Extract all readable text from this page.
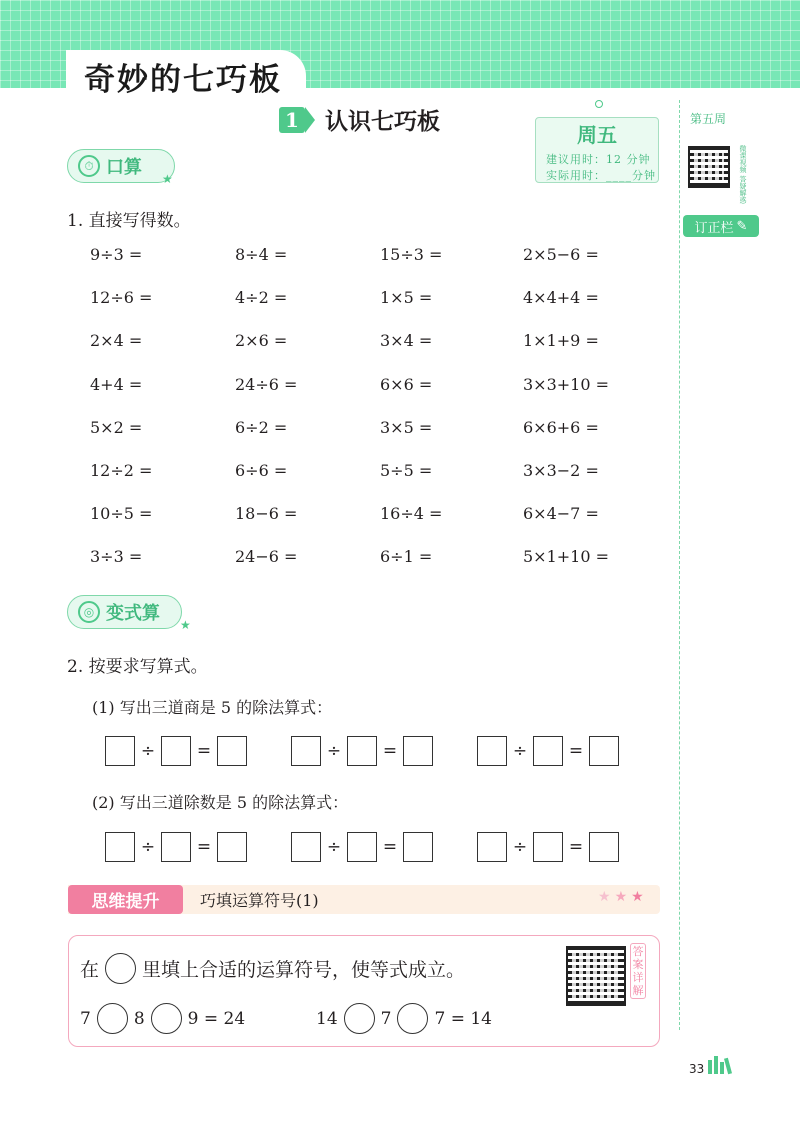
奇妙的七巧板
1 认识七巧板	周五
建议用时：12 分钟
实际用时：____分钟
第五周
微课视频 答疑解惑
订正栏 ✎
⏱ 口算
★
1. 直接写得数。
9÷3 =	8÷4 =	15÷3 =	2×5−6 =
12÷6 =	4÷2 =	1×5 =	4×4+4 =
2×4 =	2×6 =	3×4 =	1×1+9 =
4+4 =	24÷6 =	6×6 =	3×3+10 =
5×2 =	6÷2 =	3×5 =	6×6+6 =
12÷2 =	6÷6 =	5÷5 =	3×3−2 =
10÷5 =	18−6 =	16÷4 =	6×4−7 =
3÷3 =	24−6 =	6÷1 =	5×1+10 =
◎ 变式算
★
2. 按要求写算式。
(1) 写出三道商是 5 的除法算式：
÷	=	÷	=	÷	=
(2) 写出三道除数是 5 的除法算式：
÷	=	÷	=	÷	=
思维提升	巧填运算符号(1)	★★★
在 里填上合适的运算符号，使等式成立。
答案详解
7	8	9 = 24	14	7	7 = 14
33
